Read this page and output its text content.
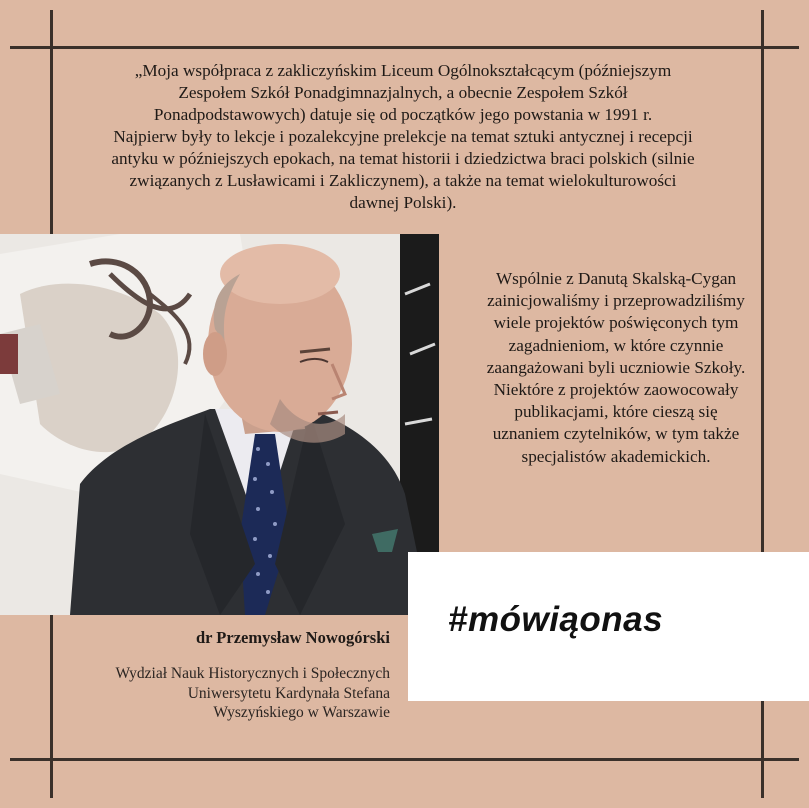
„Moja współpraca z zakliczyńskim Liceum Ogólnokształcącym (późniejszym

Zespołem Szkół Ponadgimnazjalnych, a obecnie Zespołem Szkół

Ponadpodstawowych) datuje się od początków jego powstania w 1991 r.

Najpierw były to lekcje i pozalekcyjne prelekcje na temat sztuki antycznej i recepcji

antyku w późniejszych epokach, na temat historii i dziedzictwa braci polskich (silnie

związanych z Lusławicami i Zakliczynem), a także na temat wielokulturowości

dawnej Polski).

Wspólnie z Danutą Skalską-Cygan
zainicjowaliśmy i przeprowadziliśmy
wiele projektów poświęconych tym
zagadnieniom, w które czynnie
zaangażowani byli uczniowie Szkoły.
Niektóre z projektów zaowocowały
publikacjami, które cieszą się
uznaniem czytelników, w tym także
specjalistów akademickich.
#mówiąonas
dr Przemysław Nowogórski
Wydział Nauk Historycznych i Społecznych
Uniwersytetu Kardynała Stefana
Wyszyńskiego w Warszawie
